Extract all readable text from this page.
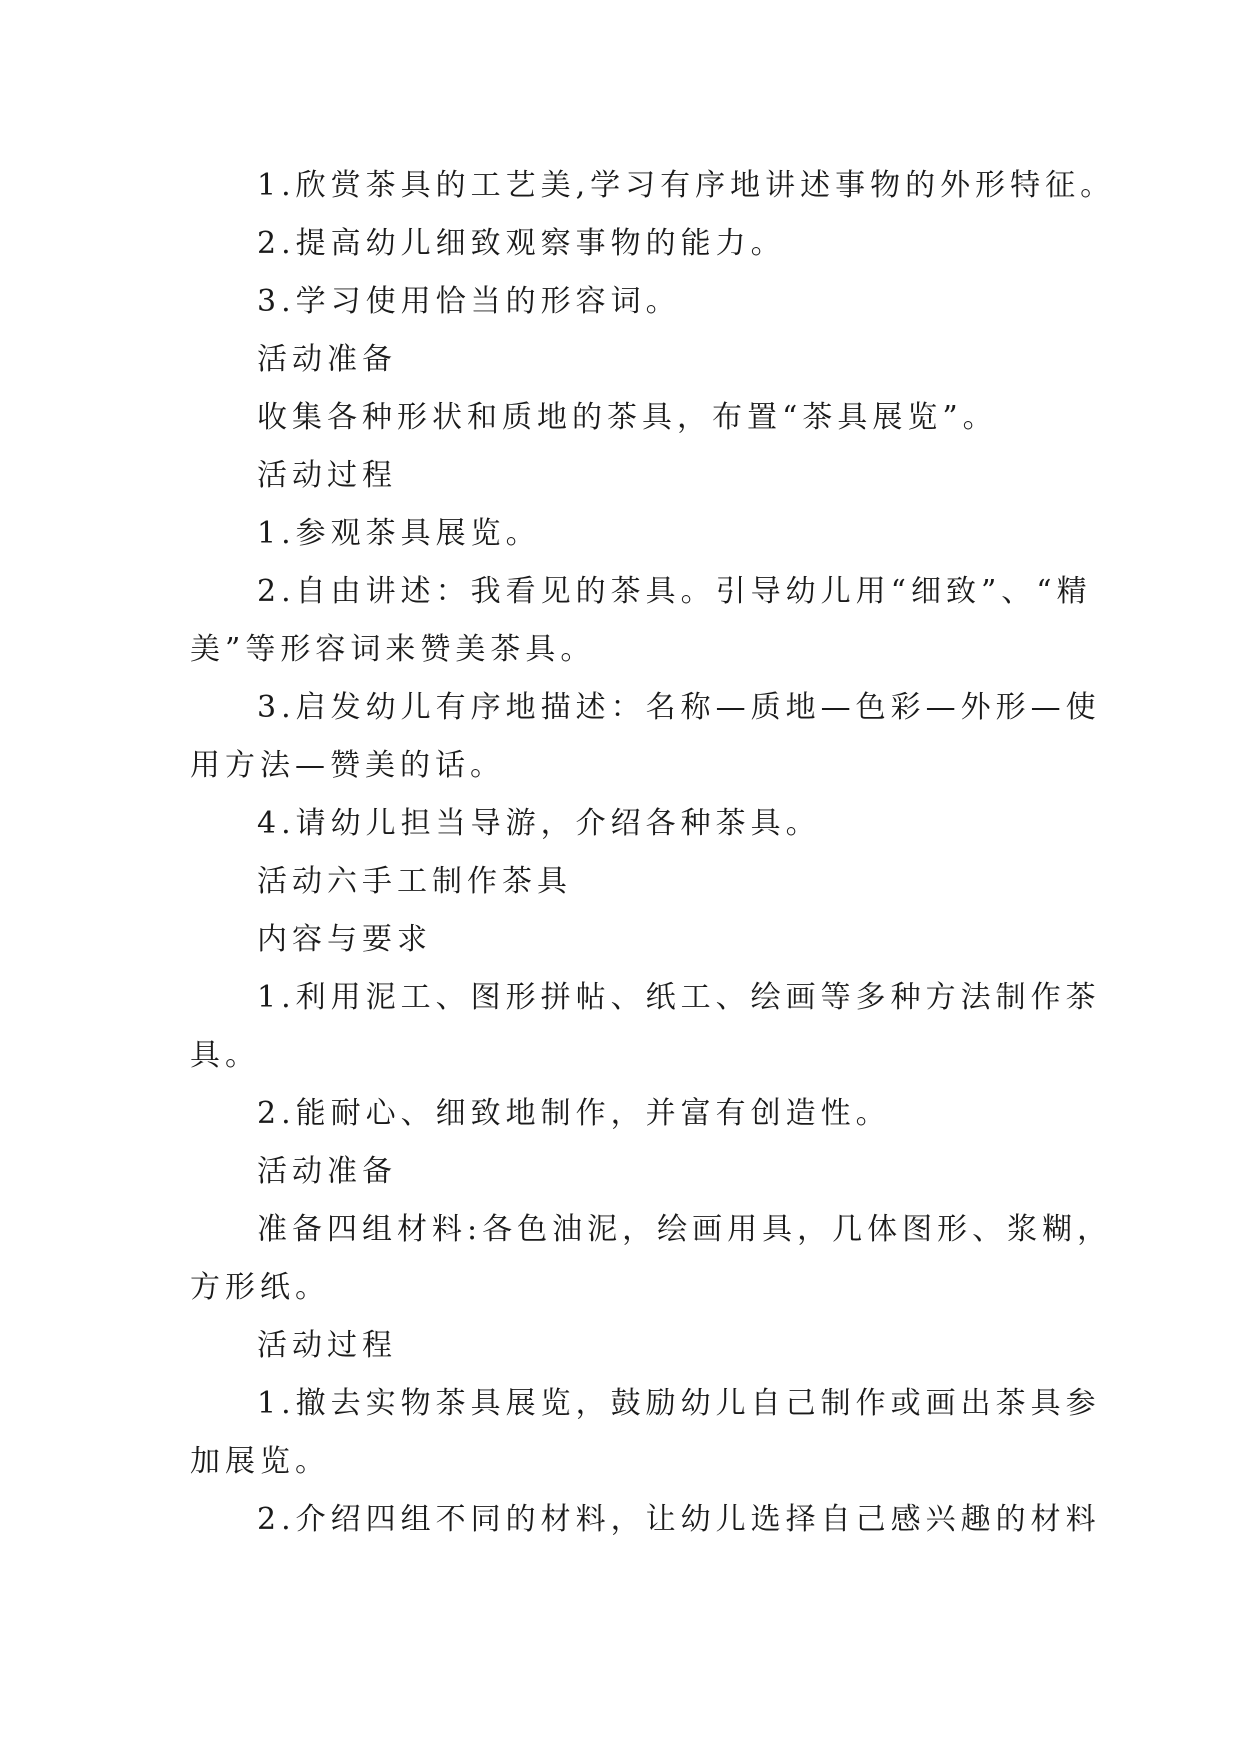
1.欣赏茶具的工艺美,学习有序地讲述事物的外形特征。
2.提高幼儿细致观察事物的能力。
3.学习使用恰当的形容词。
活动准备
收集各种形状和质地的茶具，布置“茶具展览”。
活动过程
1.参观茶具展览。
2.自由讲述：我看见的茶具。引导幼儿用“细致”、“精
美”等形容词来赞美茶具。
3.启发幼儿有序地描述：名称—质地—色彩—外形—使
用方法—赞美的话。
4.请幼儿担当导游，介绍各种茶具。
活动六手工制作茶具
内容与要求
1.利用泥工、图形拼帖、纸工、绘画等多种方法制作茶
具。
2.能耐心、细致地制作，并富有创造性。
活动准备
准备四组材料:各色油泥，绘画用具，几体图形、浆糊，
方形纸。
活动过程
1.撤去实物茶具展览，鼓励幼儿自己制作或画出茶具参
加展览。
2.介绍四组不同的材料，让幼儿选择自己感兴趣的材料
